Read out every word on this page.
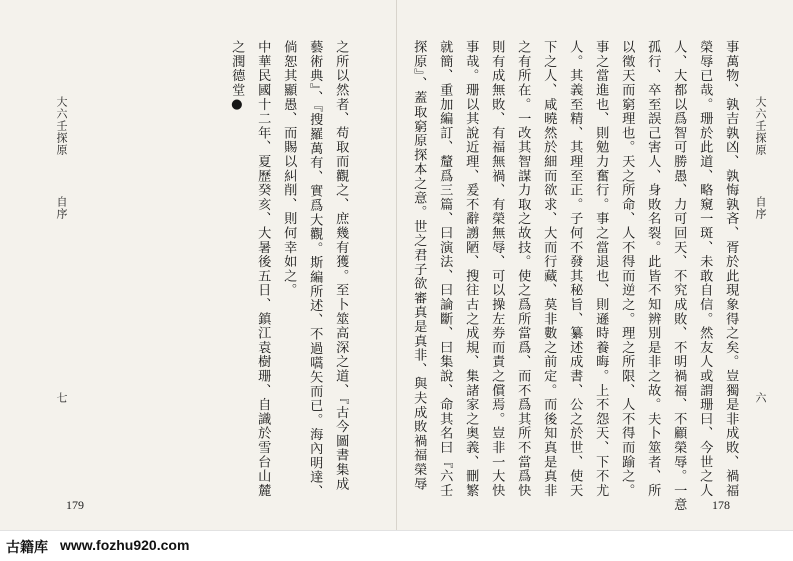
大六壬探原
自序
六
事萬物、孰吉孰凶、孰悔孰吝、胥於此現象得之矣。豈獨是非成敗、禍福
榮辱已哉。珊於此道、略窺一斑、未敢自信。然友人或謂珊曰、今世之人
人、大都以爲智可勝愚、力可回天、不究成敗、不明禍福、不顧榮辱。一意
孤行、卒至誤己害人、身敗名裂。此皆不知辨別是非之故。夫卜筮者、所
以徵天而窮理也。天之所命、人不得而逆之。理之所限、人不得而踰之。
事之當進也、則勉力奮行。事之當退也、則遜時養晦。上不怨天、下不尤
人。其義至精、其理至正。子何不發其秘旨、纂述成書、公之於世、使天
下之人、咸曉然於細而欲求、大而行藏、莫非數之前定。而後知真是真非
之有所在。一改其智謀力取之故技。使之爲所當爲、而不爲其所不當爲快
則有成無敗、有福無禍、有榮無辱、可以操左券而責之償焉。豈非一大快
事哉。珊以其說近理、爰不辭謭陋、搜往古之成規、集諸家之奥義、刪繁
就簡、重加編訂、釐爲三篇、曰演法、曰論斷、曰集說、命其名曰『六壬
探原』、蓋取窮原探本之意。世之君子欲審真是真非、與夫成敗禍福榮辱
178
之所以然者、苟取而觀之、庶幾有獲。至卜筮高深之道、『古今圖書集成
藝術典』、『搜羅萬有、實爲大觀。斯編所述、不過嚆矢而已。海內明達、
倘恕其顯愚、而賜以糾削、則何幸如之。
中華民國十二年、夏歷癸亥、大暑後五日、鎮江袁樹珊、自識於雪台山麓
之潤德堂●
大六壬探原
自序
七
179
古籍库 www.fozhu920.com
